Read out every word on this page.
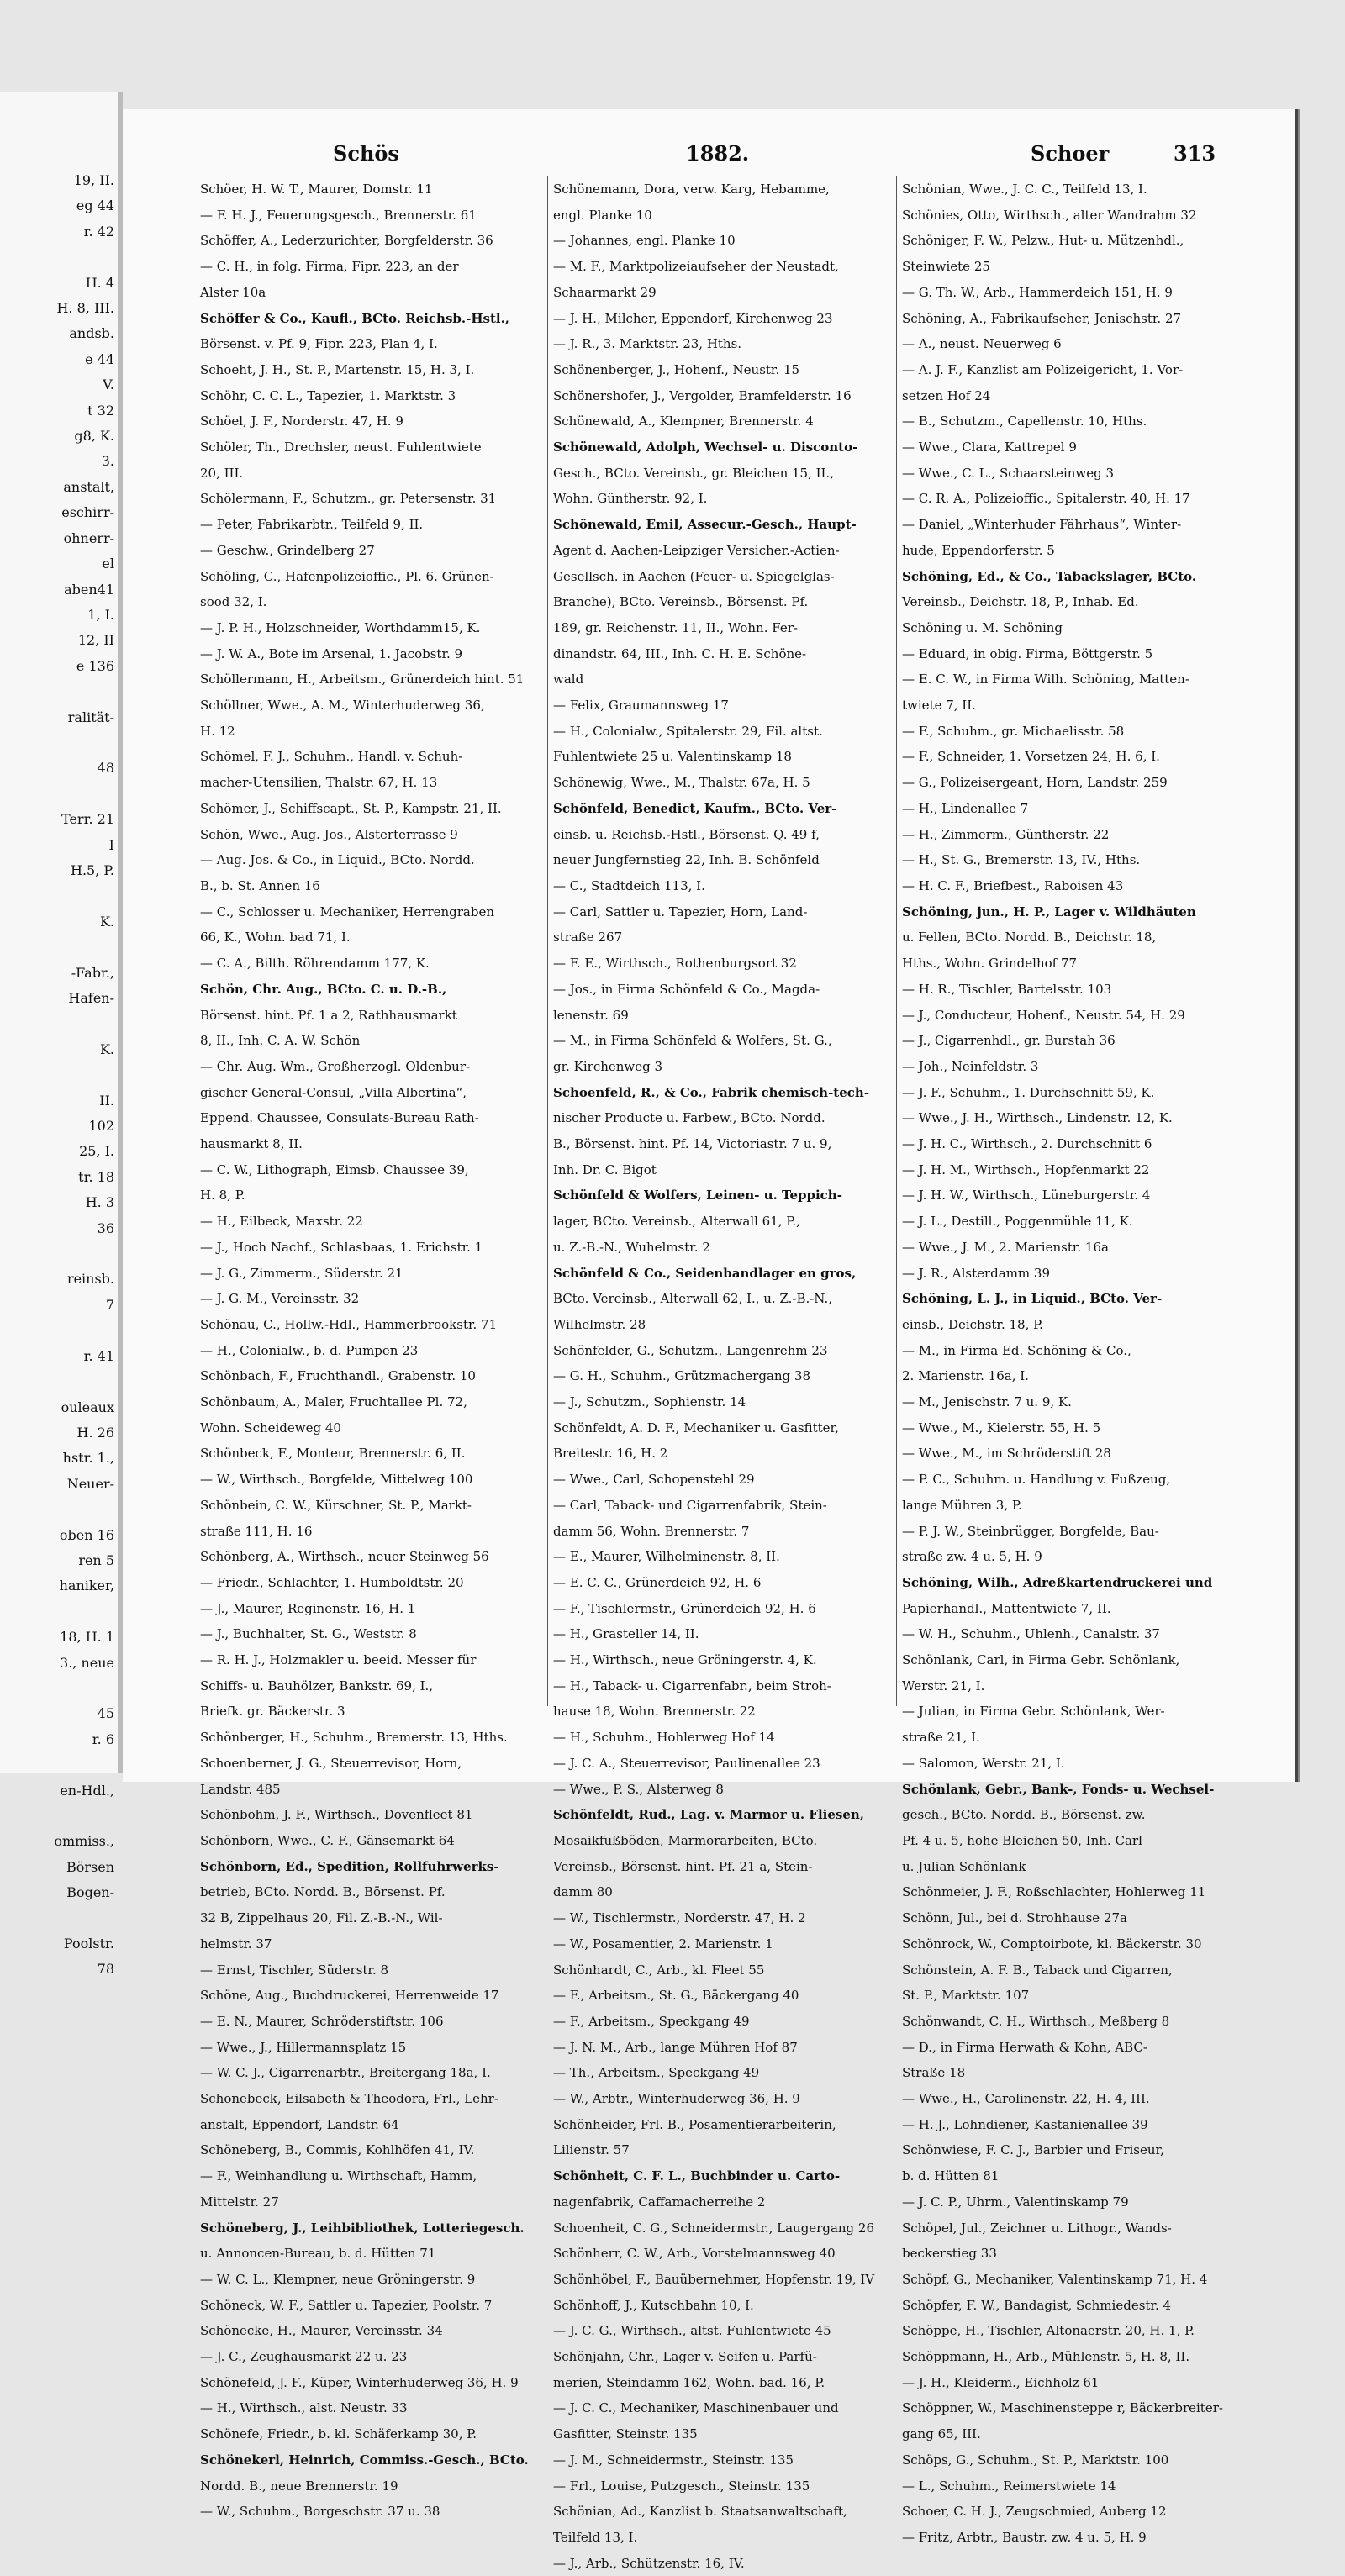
19, II.
eg 44
r. 42

H. 4
H. 8, III.
andsb.
e 44
V.
t 32
g8, K.
3.
anstalt,
eschirr-
ohnerr-
el
aben41
1, I.
12, II
e 136

ralität-

48

Terr. 21
I
H.5, P.

K.

-Fabr.,
Hafen-

K.

II.
102
25, I.
tr. 18
H. 3
36

reinsb.
7

r. 41

ouleaux
H. 26
hstr. 1.,
Neuer-

oben 16
ren 5
haniker,

18, H. 1
3., neue

45
r. 6

en-Hdl.,

ommiss.,
Börsen
Bogen-

Poolstr.
78
Schös	1882.	Schoer	313
Schöer, H. W. T., Maurer, Domstr. 11
— F. H. J., Feuerungsgesch., Brennerstr. 61
Schöffer, A., Lederzurichter, Borgfelderstr. 36
— C. H., in folg. Firma, Fipr. 223, an der
Alster 10a
Schöffer & Co., Kaufl., BCto. Reichsb.-Hstl.,
Börsenst. v. Pf. 9, Fipr. 223, Plan 4, I.
Schoeht, J. H., St. P., Martenstr. 15, H. 3, I.
Schöhr, C. C. L., Tapezier, 1. Marktstr. 3
Schöel, J. F., Norderstr. 47, H. 9
Schöler, Th., Drechsler, neust. Fuhlentwiete
20, III.
Schölermann, F., Schutzm., gr. Petersenstr. 31
— Peter, Fabrikarbtr., Teilfeld 9, II.
— Geschw., Grindelberg 27
Schöling, C., Hafenpolizeioffic., Pl. 6. Grünen-
sood 32, I.
— J. P. H., Holzschneider, Worthdamm15, K.
— J. W. A., Bote im Arsenal, 1. Jacobstr. 9
Schöllermann, H., Arbeitsm., Grünerdeich hint. 51
Schöllner, Wwe., A. M., Winterhuderweg 36,
H. 12
Schömel, F. J., Schuhm., Handl. v. Schuh-
macher-Utensilien, Thalstr. 67, H. 13
Schömer, J., Schiffscapt., St. P., Kampstr. 21, II.
Schön, Wwe., Aug. Jos., Alsterterrasse 9
— Aug. Jos. & Co., in Liquid., BCto. Nordd.
B., b. St. Annen 16
— C., Schlosser u. Mechaniker, Herrengraben
66, K., Wohn. bad 71, I.
— C. A., Bilth. Röhrendamm 177, K.
Schön, Chr. Aug., BCto. C. u. D.-B.,
Börsenst. hint. Pf. 1 a 2, Rathhausmarkt
8, II., Inh. C. A. W. Schön
— Chr. Aug. Wm., Großherzogl. Oldenbur-
gischer General-Consul, „Villa Albertina“,
Eppend. Chaussee, Consulats-Bureau Rath-
hausmarkt 8, II.
— C. W., Lithograph, Eimsb. Chaussee 39,
H. 8, P.
— H., Eilbeck, Maxstr. 22
— J., Hoch Nachf., Schlasbaas, 1. Erichstr. 1
— J. G., Zimmerm., Süderstr. 21
— J. G. M., Vereinsstr. 32
Schönau, C., Hollw.-Hdl., Hammerbrookstr. 71
— H., Colonialw., b. d. Pumpen 23
Schönbach, F., Fruchthandl., Grabenstr. 10
Schönbaum, A., Maler, Fruchtallee Pl. 72,
Wohn. Scheideweg 40
Schönbeck, F., Monteur, Brennerstr. 6, II.
— W., Wirthsch., Borgfelde, Mittelweg 100
Schönbein, C. W., Kürschner, St. P., Markt-
straße 111, H. 16
Schönberg, A., Wirthsch., neuer Steinweg 56
— Friedr., Schlachter, 1. Humboldtstr. 20
— J., Maurer, Reginenstr. 16, H. 1
— J., Buchhalter, St. G., Weststr. 8
— R. H. J., Holzmakler u. beeid. Messer für
Schiffs- u. Bauhölzer, Bankstr. 69, I.,
Briefk. gr. Bäckerstr. 3
Schönberger, H., Schuhm., Bremerstr. 13, Hths.
Schoenberner, J. G., Steuerrevisor, Horn,
Landstr. 485
Schönbohm, J. F., Wirthsch., Dovenfleet 81
Schönborn, Wwe., C. F., Gänsemarkt 64
Schönborn, Ed., Spedition, Rollfuhrwerks-
betrieb, BCto. Nordd. B., Börsenst. Pf.
32 B, Zippelhaus 20, Fil. Z.-B.-N., Wil-
helmstr. 37
— Ernst, Tischler, Süderstr. 8
Schöne, Aug., Buchdruckerei, Herrenweide 17
— E. N., Maurer, Schröderstiftstr. 106
— Wwe., J., Hillermannsplatz 15
— W. C. J., Cigarrenarbtr., Breitergang 18a, I.
Schonebeck, Eilsabeth & Theodora, Frl., Lehr-
anstalt, Eppendorf, Landstr. 64
Schöneberg, B., Commis, Kohlhöfen 41, IV.
— F., Weinhandlung u. Wirthschaft, Hamm,
Mittelstr. 27
Schöneberg, J., Leihbibliothek, Lotteriegesch.
u. Annoncen-Bureau, b. d. Hütten 71
— W. C. L., Klempner, neue Gröningerstr. 9
Schöneck, W. F., Sattler u. Tapezier, Poolstr. 7
Schönecke, H., Maurer, Vereinsstr. 34
— J. C., Zeughausmarkt 22 u. 23
Schönefeld, J. F., Küper, Winterhuderweg 36, H. 9
— H., Wirthsch., alst. Neustr. 33
Schönefe, Friedr., b. kl. Schäferkamp 30, P.
Schönekerl, Heinrich, Commiss.-Gesch., BCto.
Nordd. B., neue Brennerstr. 19
— W., Schuhm., Borgeschstr. 37 u. 38
Schönemann, Dora, verw. Karg, Hebamme,
engl. Planke 10
— Johannes, engl. Planke 10
— M. F., Marktpolizeiaufseher der Neustadt,
Schaarmarkt 29
— J. H., Milcher, Eppendorf, Kirchenweg 23
— J. R., 3. Marktstr. 23, Hths.
Schönenberger, J., Hohenf., Neustr. 15
Schönershofer, J., Vergolder, Bramfelderstr. 16
Schönewald, A., Klempner, Brennerstr. 4
Schönewald, Adolph, Wechsel- u. Disconto-
Gesch., BCto. Vereinsb., gr. Bleichen 15, II.,
Wohn. Güntherstr. 92, I.
Schönewald, Emil, Assecur.-Gesch., Haupt-
Agent d. Aachen-Leipziger Versicher.-Actien-
Gesellsch. in Aachen (Feuer- u. Spiegelglas-
Branche), BCto. Vereinsb., Börsenst. Pf.
189, gr. Reichenstr. 11, II., Wohn. Fer-
dinandstr. 64, III., Inh. C. H. E. Schöne-
wald
— Felix, Graumannsweg 17
— H., Colonialw., Spitalerstr. 29, Fil. altst.
Fuhlentwiete 25 u. Valentinskamp 18
Schönewig, Wwe., M., Thalstr. 67a, H. 5
Schönfeld, Benedict, Kaufm., BCto. Ver-
einsb. u. Reichsb.-Hstl., Börsenst. Q. 49 f,
neuer Jungfernstieg 22, Inh. B. Schönfeld
— C., Stadtdeich 113, I.
— Carl, Sattler u. Tapezier, Horn, Land-
straße 267
— F. E., Wirthsch., Rothenburgsort 32
— Jos., in Firma Schönfeld & Co., Magda-
lenenstr. 69
— M., in Firma Schönfeld & Wolfers, St. G.,
gr. Kirchenweg 3
Schoenfeld, R., & Co., Fabrik chemisch-tech-
nischer Producte u. Farbew., BCto. Nordd.
B., Börsenst. hint. Pf. 14, Victoriastr. 7 u. 9,
Inh. Dr. C. Bigot
Schönfeld & Wolfers, Leinen- u. Teppich-
lager, BCto. Vereinsb., Alterwall 61, P.,
u. Z.-B.-N., Wuhelmstr. 2
Schönfeld & Co., Seidenbandlager en gros,
BCto. Vereinsb., Alterwall 62, I., u. Z.-B.-N.,
Wilhelmstr. 28
Schönfelder, G., Schutzm., Langenrehm 23
— G. H., Schuhm., Grützmachergang 38
— J., Schutzm., Sophienstr. 14
Schönfeldt, A. D. F., Mechaniker u. Gasfitter,
Breitestr. 16, H. 2
— Wwe., Carl, Schopenstehl 29
— Carl, Taback- und Cigarrenfabrik, Stein-
damm 56, Wohn. Brennerstr. 7
— E., Maurer, Wilhelminenstr. 8, II.
— E. C. C., Grünerdeich 92, H. 6
— F., Tischlermstr., Grünerdeich 92, H. 6
— H., Grasteller 14, II.
— H., Wirthsch., neue Gröningerstr. 4, K.
— H., Taback- u. Cigarrenfabr., beim Stroh-
hause 18, Wohn. Brennerstr. 22
— H., Schuhm., Hohlerweg Hof 14
— J. C. A., Steuerrevisor, Paulinenallee 23
— Wwe., P. S., Alsterweg 8
Schönfeldt, Rud., Lag. v. Marmor u. Fliesen,
Mosaikfußböden, Marmorarbeiten, BCto.
Vereinsb., Börsenst. hint. Pf. 21 a, Stein-
damm 80
— W., Tischlermstr., Norderstr. 47, H. 2
— W., Posamentier, 2. Marienstr. 1
Schönhardt, C., Arb., kl. Fleet 55
— F., Arbeitsm., St. G., Bäckergang 40
— F., Arbeitsm., Speckgang 49
— J. N. M., Arb., lange Mühren Hof 87
— Th., Arbeitsm., Speckgang 49
— W., Arbtr., Winterhuderweg 36, H. 9
Schönheider, Frl. B., Posamentierarbeiterin,
Lilienstr. 57
Schönheit, C. F. L., Buchbinder u. Carto-
nagenfabrik, Caffamacherreihe 2
Schoenheit, C. G., Schneidermstr., Laugergang 26
Schönherr, C. W., Arb., Vorstelmannsweg 40
Schönhöbel, F., Bauübernehmer, Hopfenstr. 19, IV
Schönhoff, J., Kutschbahn 10, I.
— J. C. G., Wirthsch., altst. Fuhlentwiete 45
Schönjahn, Chr., Lager v. Seifen u. Parfü-
merien, Steindamm 162, Wohn. bad. 16, P.
— J. C. C., Mechaniker, Maschinenbauer und
Gasfitter, Steinstr. 135
— J. M., Schneidermstr., Steinstr. 135
— Frl., Louise, Putzgesch., Steinstr. 135
Schönian, Ad., Kanzlist b. Staatsanwaltschaft,
Teilfeld 13, I.
— J., Arb., Schützenstr. 16, IV.
Schönian, Wwe., J. C. C., Teilfeld 13, I.
Schönies, Otto, Wirthsch., alter Wandrahm 32
Schöniger, F. W., Pelzw., Hut- u. Mützenhdl.,
Steinwiete 25
— G. Th. W., Arb., Hammerdeich 151, H. 9
Schöning, A., Fabrikaufseher, Jenischstr. 27
— A., neust. Neuerweg 6
— A. J. F., Kanzlist am Polizeigericht, 1. Vor-
setzen Hof 24
— B., Schutzm., Capellenstr. 10, Hths.
— Wwe., Clara, Kattrepel 9
— Wwe., C. L., Schaarsteinweg 3
— C. R. A., Polizeioffic., Spitalerstr. 40, H. 17
— Daniel, „Winterhuder Fährhaus“, Winter-
hude, Eppendorferstr. 5
Schöning, Ed., & Co., Tabackslager, BCto.
Vereinsb., Deichstr. 18, P., Inhab. Ed.
Schöning u. M. Schöning
— Eduard, in obig. Firma, Böttgerstr. 5
— E. C. W., in Firma Wilh. Schöning, Matten-
twiete 7, II.
— F., Schuhm., gr. Michaelisstr. 58
— F., Schneider, 1. Vorsetzen 24, H. 6, I.
— G., Polizeisergeant, Horn, Landstr. 259
— H., Lindenallee 7
— H., Zimmerm., Güntherstr. 22
— H., St. G., Bremerstr. 13, IV., Hths.
— H. C. F., Briefbest., Raboisen 43
Schöning, jun., H. P., Lager v. Wildhäuten
u. Fellen, BCto. Nordd. B., Deichstr. 18,
Hths., Wohn. Grindelhof 77
— H. R., Tischler, Bartelsstr. 103
— J., Conducteur, Hohenf., Neustr. 54, H. 29
— J., Cigarrenhdl., gr. Burstah 36
— Joh., Neinfeldstr. 3
— J. F., Schuhm., 1. Durchschnitt 59, K.
— Wwe., J. H., Wirthsch., Lindenstr. 12, K.
— J. H. C., Wirthsch., 2. Durchschnitt 6
— J. H. M., Wirthsch., Hopfenmarkt 22
— J. H. W., Wirthsch., Lüneburgerstr. 4
— J. L., Destill., Poggenmühle 11, K.
— Wwe., J. M., 2. Marienstr. 16a
— J. R., Alsterdamm 39
Schöning, L. J., in Liquid., BCto. Ver-
einsb., Deichstr. 18, P.
— M., in Firma Ed. Schöning & Co.,
2. Marienstr. 16a, I.
— M., Jenischstr. 7 u. 9, K.
— Wwe., M., Kielerstr. 55, H. 5
— Wwe., M., im Schröderstift 28
— P. C., Schuhm. u. Handlung v. Fußzeug,
lange Mühren 3, P.
— P. J. W., Steinbrügger, Borgfelde, Bau-
straße zw. 4 u. 5, H. 9
Schöning, Wilh., Adreßkartendruckerei und
Papierhandl., Mattentwiete 7, II.
— W. H., Schuhm., Uhlenh., Canalstr. 37
Schönlank, Carl, in Firma Gebr. Schönlank,
Werstr. 21, I.
— Julian, in Firma Gebr. Schönlank, Wer-
straße 21, I.
— Salomon, Werstr. 21, I.
Schönlank, Gebr., Bank-, Fonds- u. Wechsel-
gesch., BCto. Nordd. B., Börsenst. zw.
Pf. 4 u. 5, hohe Bleichen 50, Inh. Carl
u. Julian Schönlank
Schönmeier, J. F., Roßschlachter, Hohlerweg 11
Schönn, Jul., bei d. Strohhause 27a
Schönrock, W., Comptoirbote, kl. Bäckerstr. 30
Schönstein, A. F. B., Taback und Cigarren,
St. P., Marktstr. 107
Schönwandt, C. H., Wirthsch., Meßberg 8
— D., in Firma Herwath & Kohn, ABC-
Straße 18
— Wwe., H., Carolinenstr. 22, H. 4, III.
— H. J., Lohndiener, Kastanienallee 39
Schönwiese, F. C. J., Barbier und Friseur,
b. d. Hütten 81
— J. C. P., Uhrm., Valentinskamp 79
Schöpel, Jul., Zeichner u. Lithogr., Wands-
beckerstieg 33
Schöpf, G., Mechaniker, Valentinskamp 71, H. 4
Schöpfer, F. W., Bandagist, Schmiedestr. 4
Schöppe, H., Tischler, Altonaerstr. 20, H. 1, P.
Schöppmann, H., Arb., Mühlenstr. 5, H. 8, II.
— J. H., Kleiderm., Eichholz 61
Schöppner, W., Maschinensteppe r, Bäckerbreiter-
gang 65, III.
Schöps, G., Schuhm., St. P., Marktstr. 100
— L., Schuhm., Reimerstwiete 14
Schoer, C. H. J., Zeugschmied, Auberg 12
— Fritz, Arbtr., Baustr. zw. 4 u. 5, H. 9
